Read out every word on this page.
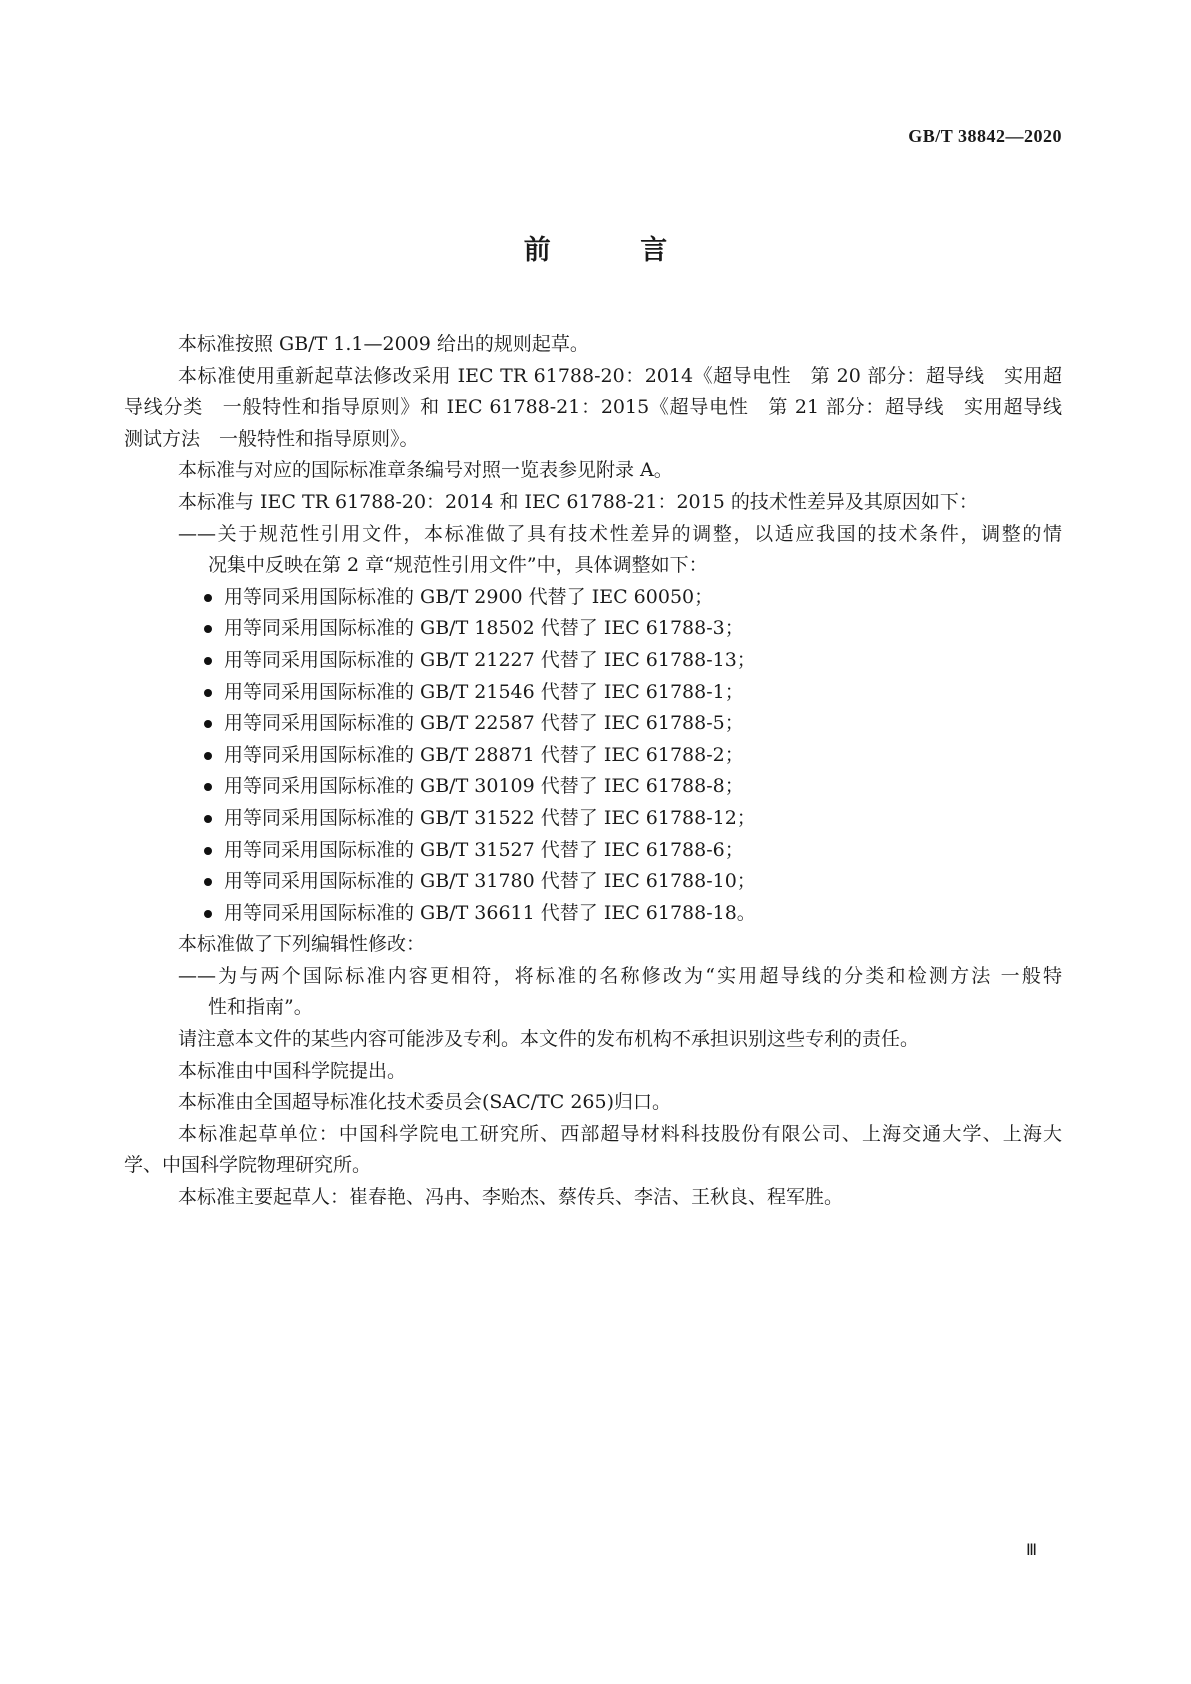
GB/T 38842—2020
前 言
本标准按照 GB/T 1.1—2009 给出的规则起草。
本标准使用重新起草法修改采用 IEC TR 61788-20：2014《超导电性　第 20 部分：超导线　实用超
导线分类　一般特性和指导原则》和 IEC 61788-21：2015《超导电性　第 21 部分：超导线　实用超导线
测试方法　一般特性和指导原则》。
本标准与对应的国际标准章条编号对照一览表参见附录 A。
本标准与 IEC TR 61788-20：2014 和 IEC 61788-21：2015 的技术性差异及其原因如下：
——关于规范性引用文件，本标准做了具有技术性差异的调整，以适应我国的技术条件，调整的情
况集中反映在第 2 章“规范性引用文件”中，具体调整如下：
用等同采用国际标准的 GB/T 2900 代替了 IEC 60050；
用等同采用国际标准的 GB/T 18502 代替了 IEC 61788-3；
用等同采用国际标准的 GB/T 21227 代替了 IEC 61788-13；
用等同采用国际标准的 GB/T 21546 代替了 IEC 61788-1；
用等同采用国际标准的 GB/T 22587 代替了 IEC 61788-5；
用等同采用国际标准的 GB/T 28871 代替了 IEC 61788-2；
用等同采用国际标准的 GB/T 30109 代替了 IEC 61788-8；
用等同采用国际标准的 GB/T 31522 代替了 IEC 61788-12；
用等同采用国际标准的 GB/T 31527 代替了 IEC 61788-6；
用等同采用国际标准的 GB/T 31780 代替了 IEC 61788-10；
用等同采用国际标准的 GB/T 36611 代替了 IEC 61788-18。
本标准做了下列编辑性修改：
——为与两个国际标准内容更相符，将标准的名称修改为“实用超导线的分类和检测方法 一般特
性和指南”。
请注意本文件的某些内容可能涉及专利。本文件的发布机构不承担识别这些专利的责任。
本标准由中国科学院提出。
本标准由全国超导标准化技术委员会(SAC/TC 265)归口。
本标准起草单位：中国科学院电工研究所、西部超导材料科技股份有限公司、上海交通大学、上海大
学、中国科学院物理研究所。
本标准主要起草人：崔春艳、冯冉、李贻杰、蔡传兵、李洁、王秋良、程军胜。
Ⅲ
